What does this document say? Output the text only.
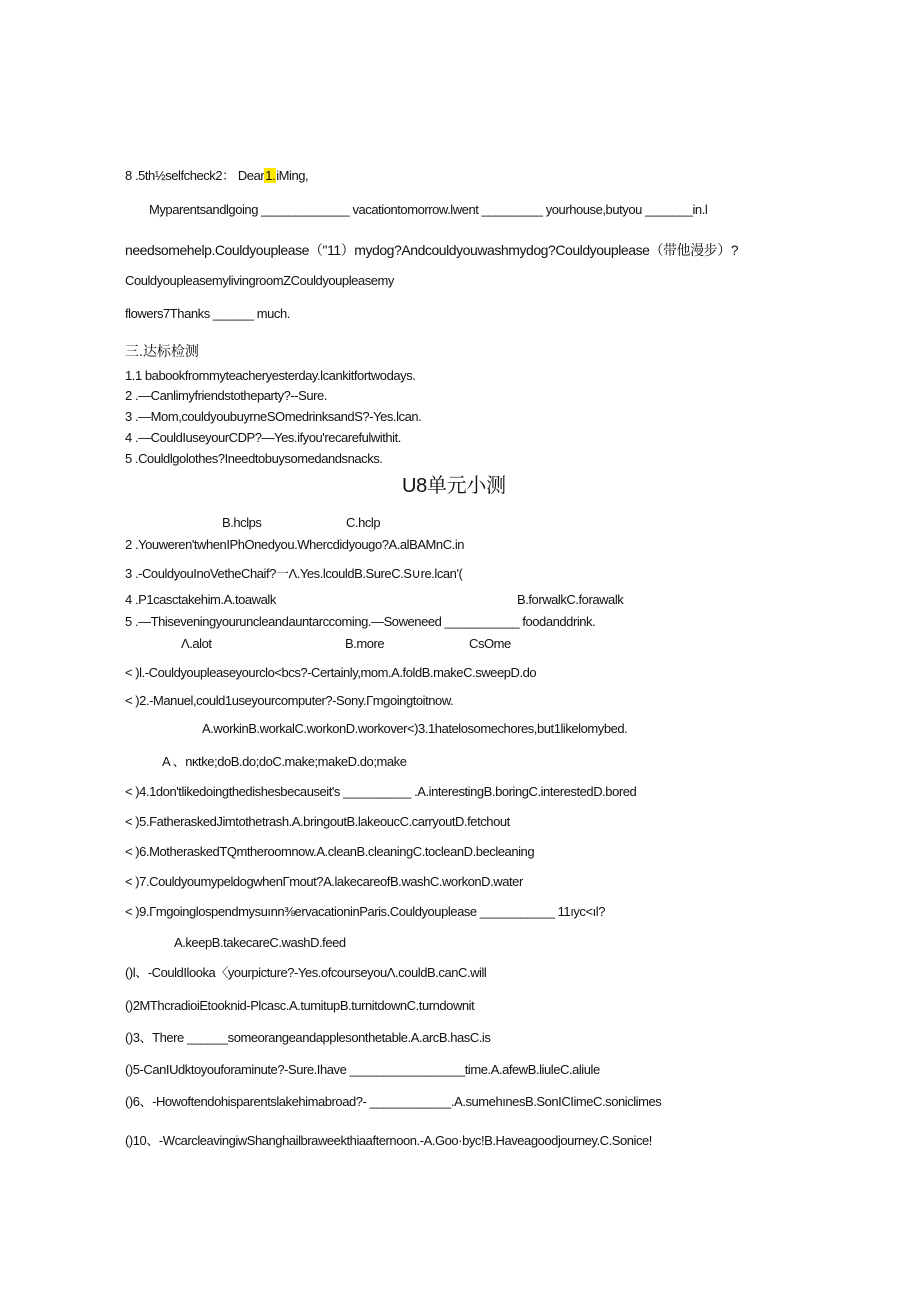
8 .5th½selfcheck2： Dear1.iMing,
Myparentsandlgoing _____________ vacationtomorrow.lwent _________ yourhouse,butyou _______in.l
needsomehelp.Couldyouplease（"11）mydog?Andcouldyouwashmydog?Couldyouplease（带他漫步）?
CouldyoupleasemylivingroomZCouldyoupleasemy
flowers7Thanks ______ much.
三.达标检测
1.1 babookfrommyteacheryesterday.lcankitfortwodays.
2 .—Canlimyfriendstotheparty?--Sure.
3 .—Mom,couldyoubuyrneSOmedrinksandS?-Yes.lcan.
4 .—CouldIuseyourCDP?—Yes.ifyou'recarefulwithit.
5 .Couldlgolothes?Ineedtobuysomedandsnacks.
U8单元小测
B.hclps	C.hclp
2 .Youweren'twhenIPhOnedyou.Whercdidyougo?A.alBAMnC.in
3 .-CouldyouInoVetheChaif?一Λ.Yes.lcouldB.SureC.S∪re.lcan'(
4 .P1casctakehim.A.toawalk	B.forwalkC.forawalk
5 .—Thiseveningyouruncleandauntarccoming.—Soweneed ___________ foodanddrink.
Λ.alot	B.more	CsOme
< )l.-Couldyoupleaseyourclo<bcs?-Certainly,mom.A.foldB.makeC.sweepD.do
< )2.-Manuel,could1useyourcomputer?-Sony.Γmgoingtoitnow.
A.workinB.workalC.workonD.workover<)3.1hatelosomechores,but1likelomybed.
A 、nκtke;doB.do;doC.make;makeD.do;make
< )4.1don'tlikedoingthedishesbecauseit's __________ .A.interestingB.boringC.interestedD.bored
< )5.FatheraskedJimtothetrash.A.bringoutB.lakeoucC.carryoutD.fetchout
< )6.MotheraskedTQmtheroomnow.A.cleanB.cleaningC.tocleanD.becleaning
< )7.CouldyoumypeldogwhenΓmout?A.lakecareofB.washC.workonD.water
< )9.Γmgoinglospendmysuınn⅜ervacationinParis.Couldyouplease ___________ 11ıyc<ıl?
A.keepB.takecareC.washD.feed
()l、-CouldIlooka〈yourpicture?-Yes.ofcourseyouΛ.couldB.canC.will
()2MThcradioiEtooknid-Plcasc.A.tumitupB.turnitdownC.turndownit
()3、There ______someorangeandapplesonthetable.A.arcB.hasC.is
()5-CanIUdktoyouforaminute?-Sure.Ihave _________________time.A.afewB.liuleC.aliule
()6、-Howoftendohisparentslakehimabroad?- ____________.A.sumehınesB.SonICIimeC.soniclimes
()10、-WcarcleavingiwShanghailbraweekthiaafternoon.-A.Goo·byc!B.Haveagoodjourney.C.Sonice!
